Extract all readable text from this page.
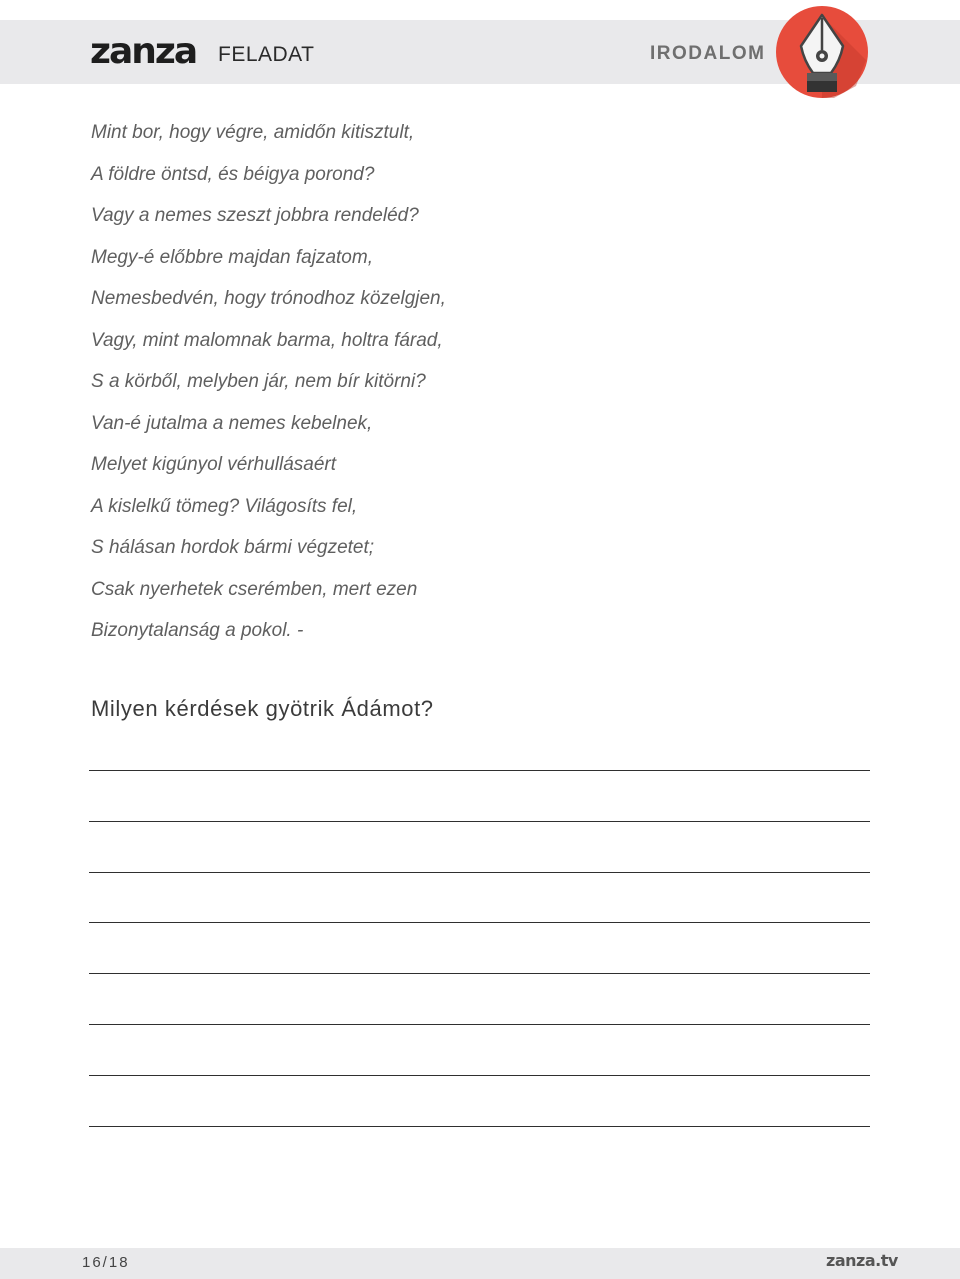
zanza FELADAT	IRODALOM
Mint bor, hogy végre, amidőn kitisztult,
A földre öntsd, és béigya porond?
Vagy a nemes szeszt jobbra rendeléd?
Megy-é előbbre majdan fajzatom,
Nemesbedvén, hogy trónodhoz közelgjen,
Vagy, mint malomnak barma, holtra fárad,
S a körből, melyben jár, nem bír kitörni?
Van-é jutalma a nemes kebelnek,
Melyet kigúnyol vérhullásaért
A kislelkű tömeg? Világosíts fel,
S hálásan hordok bármi végzetet;
Csak nyerhetek cserémben, mert ezen
Bizonytalanság a pokol. -
Milyen kérdések gyötrik Ádámot?
16/18	zanza.tv
